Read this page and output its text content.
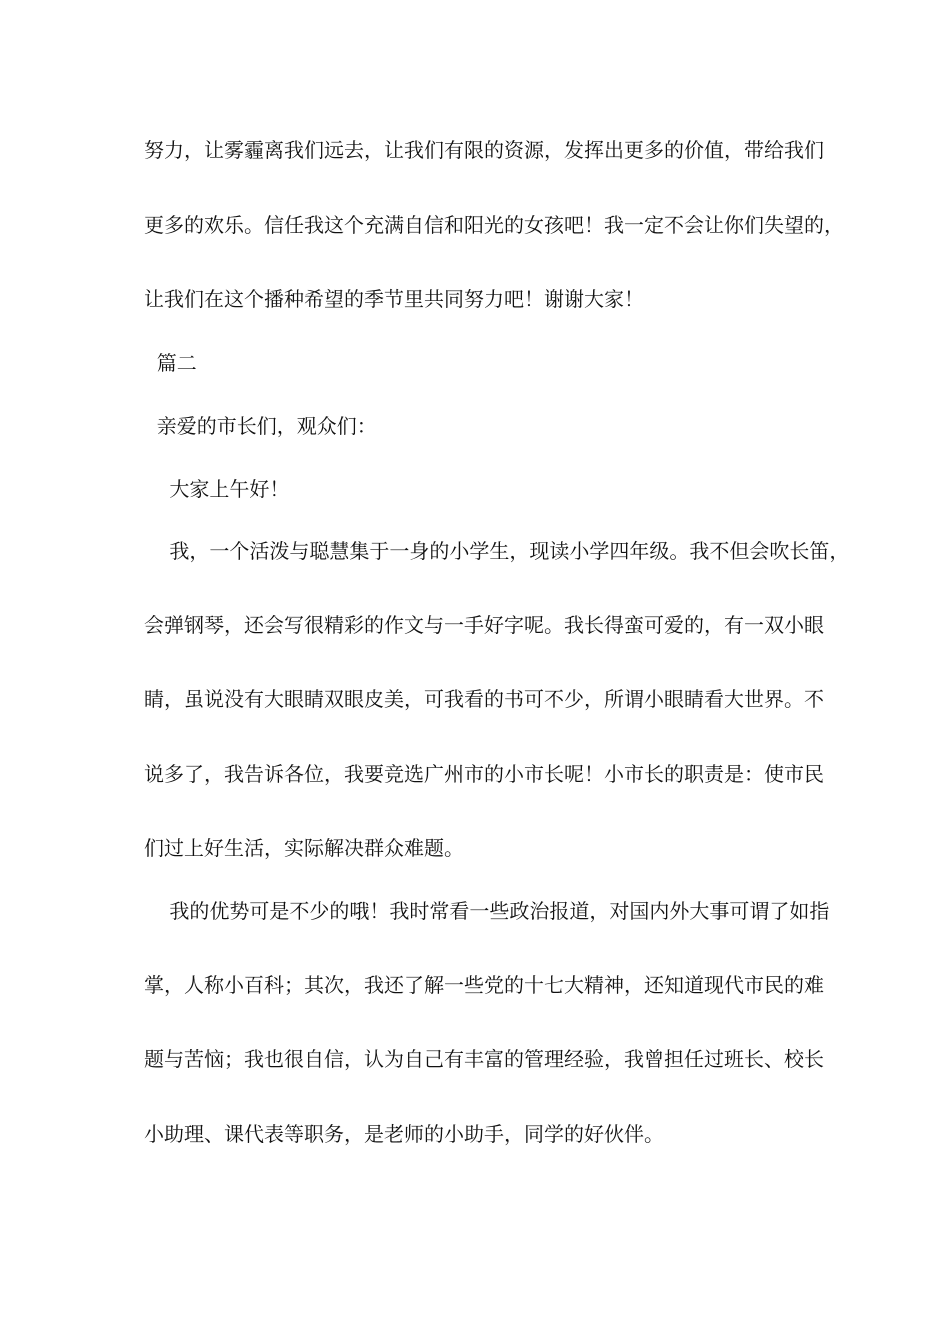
努力，让雾霾离我们远去，让我们有限的资源，发挥出更多的价值，带给我们
更多的欢乐。信任我这个充满自信和阳光的女孩吧！我一定不会让你们失望的，
让我们在这个播种希望的季节里共同努力吧！谢谢大家！
篇二
亲爱的市长们，观众们：
大家上午好！
我，一个活泼与聪慧集于一身的小学生，现读小学四年级。我不但会吹长笛，
会弹钢琴，还会写很精彩的作文与一手好字呢。我长得蛮可爱的，有一双小眼
睛，虽说没有大眼睛双眼皮美，可我看的书可不少，所谓小眼睛看大世界。不
说多了，我告诉各位，我要竞选广州市的小市长呢！小市长的职责是：使市民
们过上好生活，实际解决群众难题。
我的优势可是不少的哦！我时常看一些政治报道，对国内外大事可谓了如指
掌，人称小百科；其次，我还了解一些党的十七大精神，还知道现代市民的难
题与苦恼；我也很自信，认为自己有丰富的管理经验，我曾担任过班长、校长
小助理、课代表等职务，是老师的小助手，同学的好伙伴。
